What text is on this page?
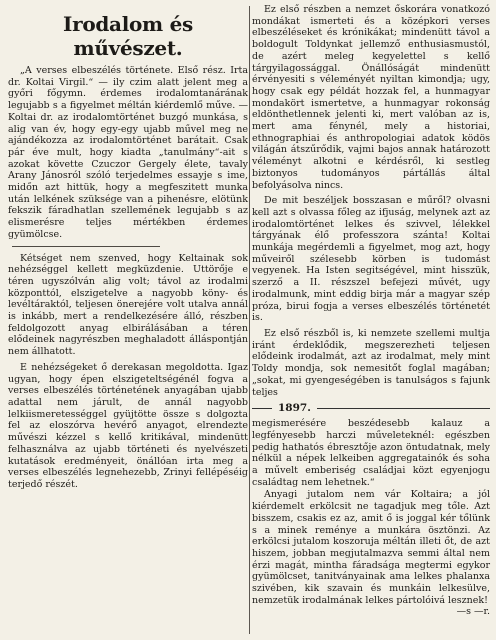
Irodalom és művészet.

„A verses elbeszélés története. Első rész. Irta dr. Koltai Virgil.“ — ily czim alatt jelent meg a győri főgymn. érdemes irodalomtanárának legujabb s a figyelmet méltán kiérdemlő műve. — Koltai dr. az irodalomtörténet buzgó munkása, s alig van év, hogy egy-egy ujabb művel meg ne ajándékozza az irodalomtörténet barátait. Csak pár éve mult, hogy kiadta „tanulmány“-ait s azokat követte Czuczor Gergely élete, tavaly Arany Jánosról szóló terjedelmes essayje s ime, midőn azt hittük, hogy a megfeszitett munka után lelkének szüksége van a pihenésre, elötünk fekszik fáradhatlan szellemének legujabb s az elismerésre teljes mértékben érdemes gyümölcse.

Kétséget nem szenved, hogy Keltainak sok nehézséggel kellett megküzdenie. Uttörője e téren ugyszólván alig volt; távol az irodalmi központtól, elszigetelve a nagyobb köny- és levéltáraktól, teljesen önerejére volt utalva annál is inkább, mert a rendelkezésére álló, részben feldolgozott anyag elbirálásában a téren elődeinek nagyrészben meghaladott álláspontján nem állhatott.

E nehézségeket ő derekasan megoldotta. Igaz ugyan, hogy épen elszigeteltségénél fogva a verses elbeszélés történetének anyagában ujabb adattal nem járult, de annál nagyobb lelkiismeretességgel gyüjtötte össze s dolgozta fel az eloszórva hevérő anyagot, elrendezte művészi kézzel s kellő kritikával, mindenütt felhasználva az ujabb történeti és nyelvészeti kutatások eredményeit, önállóan irta meg a verses elbeszélés legnehezebb, Zrinyi fellépéséig terjedő részét.

Ez első részben a nemzet őskorára vonatkozó mondákat ismerteti és a középkori verses elbeszéléseket és krónikákat; mindenütt távol a boldogult Toldynkat jellemző enthusiasmustól, de azért meleg kegyelettel s kellő tárgyilagossággal. Önállóságát mindenütt érvényesiti s véleményét nyiltan kimondja; ugy, hogy csak egy példát hozzak fel, a hunmagyar mondakört ismertetve, a hunmagyar rokonság eldönthetlennek jelenti ki, mert valóban az is, mert ama fénynél, mely a historiai, ethnographiai és anthropologiai adatok ködös világán átszűrődik, vajmi bajos annak határozott véleményt alkotni e kérdésről, ki sestleg biztonyos tudományos pártállás által befolyásolva nincs.

De mit beszéljek bosszasan e műről? olvasni kell azt s olvassa főleg az ifjuság, melynek azt az irodalomtörténet lelkes és szivvel, lélekkel tárgyának élő professzora szánta! Koltai munkája megérdemli a figyelmet, mog azt, hogy műveiről szélesebb körben is tudomást vegyenek. Ha Isten segitségével, mint hisszük, szerző a II. részszel befejezi művét, ugy irodalmunk, mint eddig birja már a magyar szép próza, birui fogja a verses elbeszélés történetét is.

Ez első részből is, ki nemzete szellemi multja iránt érdeklődik, megszerezheti teljesen elődeink irodalmát, azt az irodalmat, mely mint Toldy mondja, sok nemesitőt foglal magában; „sokat, mi gyengeségében is tanulságos s fajunk teljes

1897.

megismerésére beszédesebb kalauz a legfényesebb harczi műveleteknél: egészben pedig hathatós ébresztője azon öntudatnak, mely nélkül a népek lelkeiben aggregatainók és soha a művelt emberiség családjai közt egyenjogu családtag nem lehetnek.“

Anyagi jutalom nem vár Koltaira; a jól kiérdemelt erkölcsit ne tagadjuk meg tőle. Azt bisszem, csakis ez az, amit ő is joggal kér tőlünk s a minek reménye a munkára ösztönzi. Az erkölcsi jutalom koszoruja méltán illeti őt, de azt hiszem, jobban megjutalmazva semmi által nem érzi magát, mintha fáradsága megtermi egykor gyümölcset, tanitványainak ama lelkes phalanxa szivében, kik szavain és munkáin lelkesülve, nemzetük irodalmának lelkes pártolóivá lesznek!

—s —r.
